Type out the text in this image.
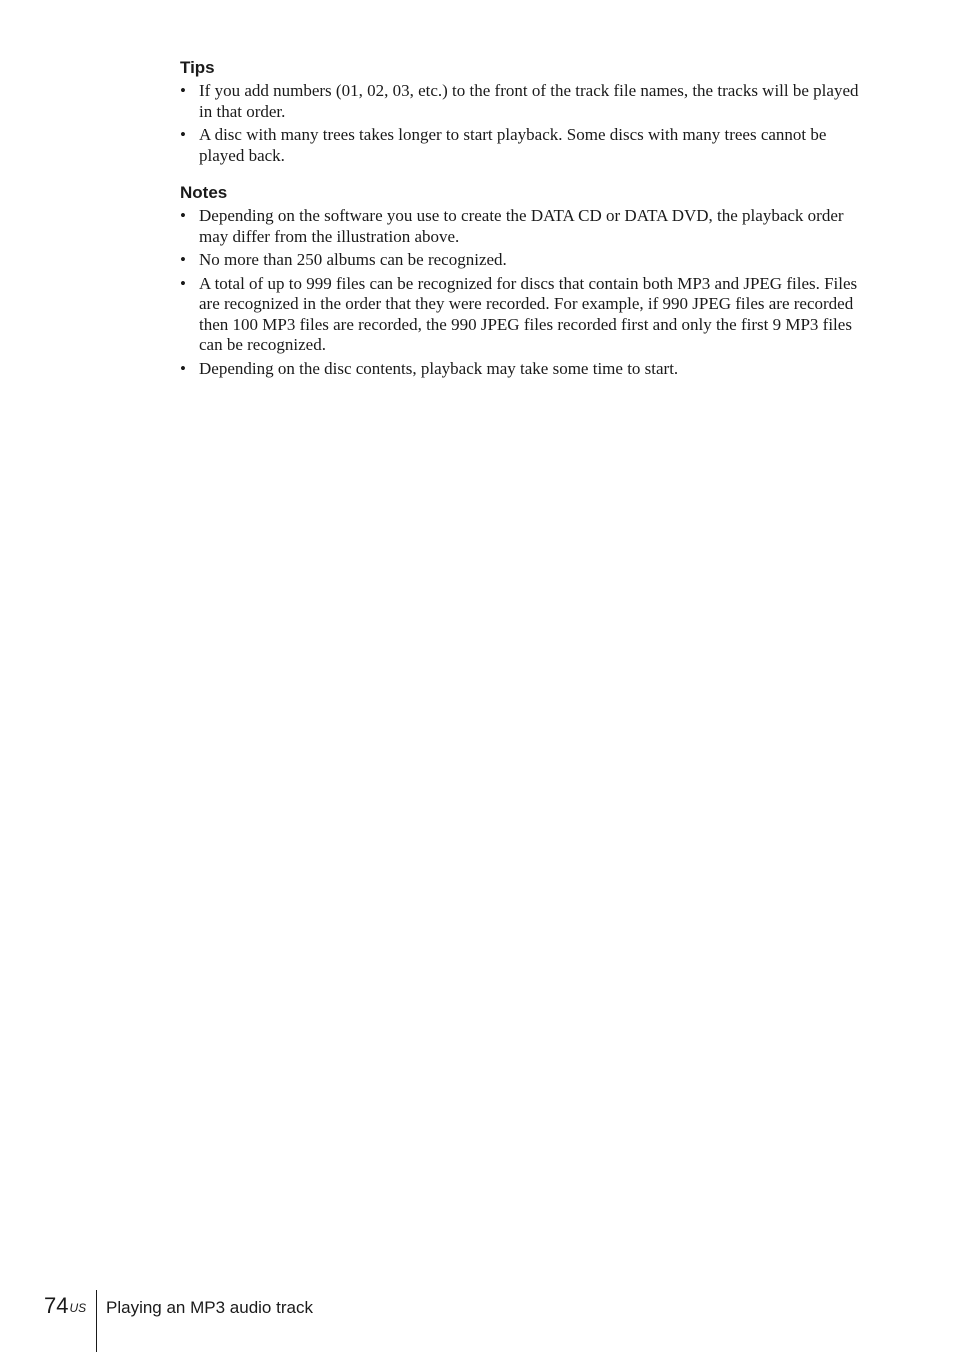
Tips
• If you add numbers (01, 02, 03, etc.) to the front of the track file names, the tracks will be played in that order.
• A disc with many trees takes longer to start playback. Some discs with many trees cannot be played back.
Notes
• Depending on the software you use to create the DATA CD or DATA DVD, the playback order may differ from the illustration above.
• No more than 250 albums can be recognized.
• A total of up to 999 files can be recognized for discs that contain both MP3 and JPEG files. Files are recognized in the order that they were recorded. For example, if 990 JPEG files are recorded then 100 MP3 files are recorded, the 990 JPEG files recorded first and only the first 9 MP3 files can be recognized.
• Depending on the disc contents, playback may take some time to start.
$74^{US}$ Playing an MP3 audio track
